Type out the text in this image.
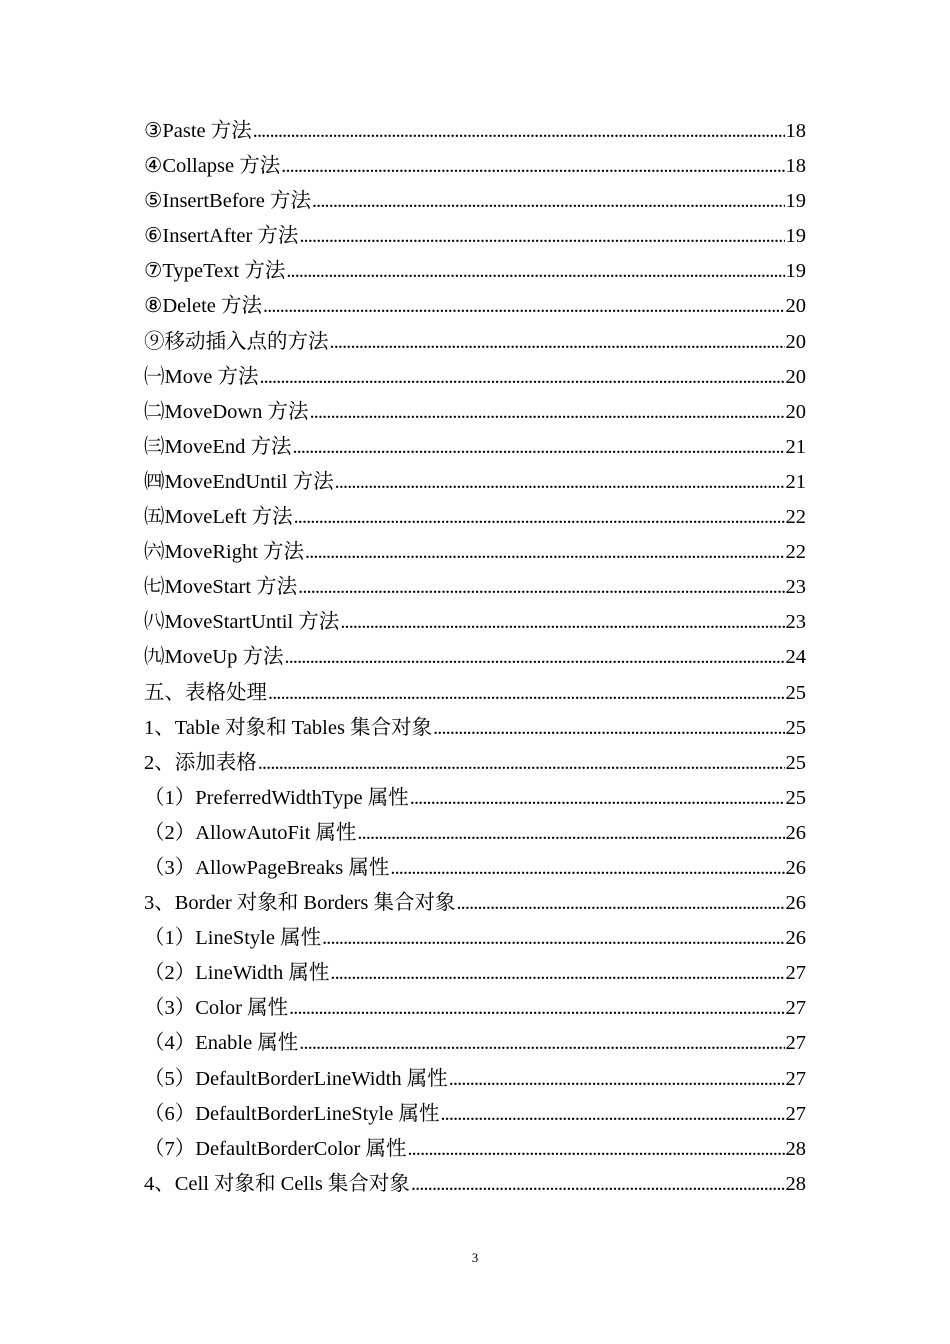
③Paste 方法 . . .	18
④Collapse 方法 . . .	18
⑤InsertBefore 方法 . . .	19
⑥InsertAfter 方法 . . .	19
⑦TypeText 方法 . . .	19
⑧Delete 方法 . . .	20
⑨移动插入点的方法 . . .	20
㈠Move 方法 . . .	20
㈡MoveDown 方法 . . .	20
㈢MoveEnd 方法 . . .	21
㈣MoveEndUntil 方法 . . .	21
㈤MoveLeft 方法 . . .	22
㈥MoveRight 方法 . . .	22
㈦MoveStart 方法 . . .	23
㈧MoveStartUntil 方法 . . .	23
㈨MoveUp 方法 . . .	24
五、表格处理 . . .	25
1、Table 对象和 Tables 集合对象 . . .	25
2、添加表格 . . .	25
（1）PreferredWidthType 属性 . . .	25
（2）AllowAutoFit 属性 . . .	26
（3）AllowPageBreaks 属性 . . .	26
3、Border 对象和 Borders 集合对象 . . .	26
（1）LineStyle 属性 . . .	26
（2）LineWidth 属性 . . .	27
（3）Color 属性 . . .	27
（4）Enable 属性 . . .	27
（5）DefaultBorderLineWidth 属性 . . .	27
（6）DefaultBorderLineStyle 属性 . . .	27
（7）DefaultBorderColor 属性 . . .	28
4、Cell 对象和 Cells 集合对象 . . .	28
3
